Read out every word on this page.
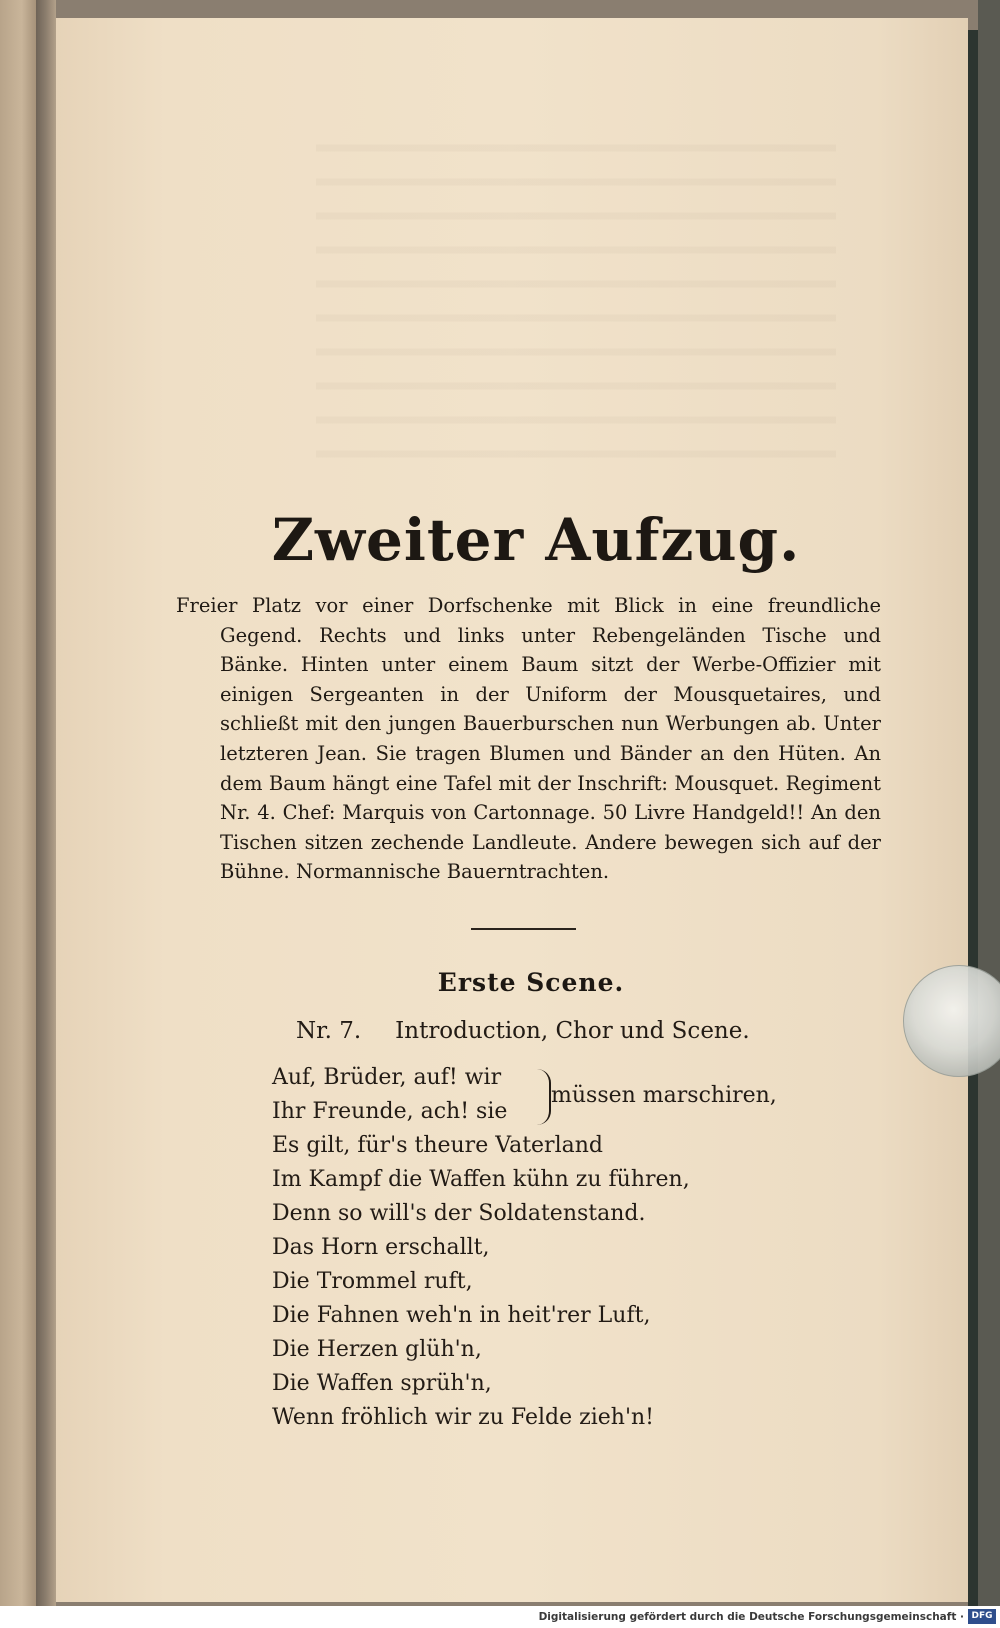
Zweiter Aufzug.

Freier Platz vor einer Dorfschenke mit Blick in eine freundliche Gegend. Rechts und links unter Rebengeländen Tische und Bänke. Hinten unter einem Baum sitzt der Werbe-Offizier mit einigen Sergeanten in der Uniform der Mousquetaires, und schließt mit den jungen Bauerburschen nun Werbungen ab. Unter letzteren Jean. Sie tragen Blumen und Bänder an den Hüten. An dem Baum hängt eine Tafel mit der Inschrift: Mousquet. Regiment Nr. 4. Chef: Marquis von Cartonnage. 50 Livre Handgeld!! An den Tischen sitzen zechende Landleute. Andere bewegen sich auf der Bühne. Normannische Bauerntrachten.

Erste Scene.
Nr. 7. Introduction, Chor und Scene.
Auf, Brüder, auf! wir
Ihr Freunde, ach! sie
müssen marschiren,
Es gilt, für's theure Vaterland
Im Kampf die Waffen kühn zu führen,
Denn so will's der Soldatenstand.
Das Horn erschallt,
Die Trommel ruft,
Die Fahnen weh'n in heit'rer Luft,
Die Herzen glüh'n,
Die Waffen sprüh'n,
Wenn fröhlich wir zu Felde zieh'n!
Digitalisierung gefördert durch die Deutsche Forschungsgemeinschaft · DFG
